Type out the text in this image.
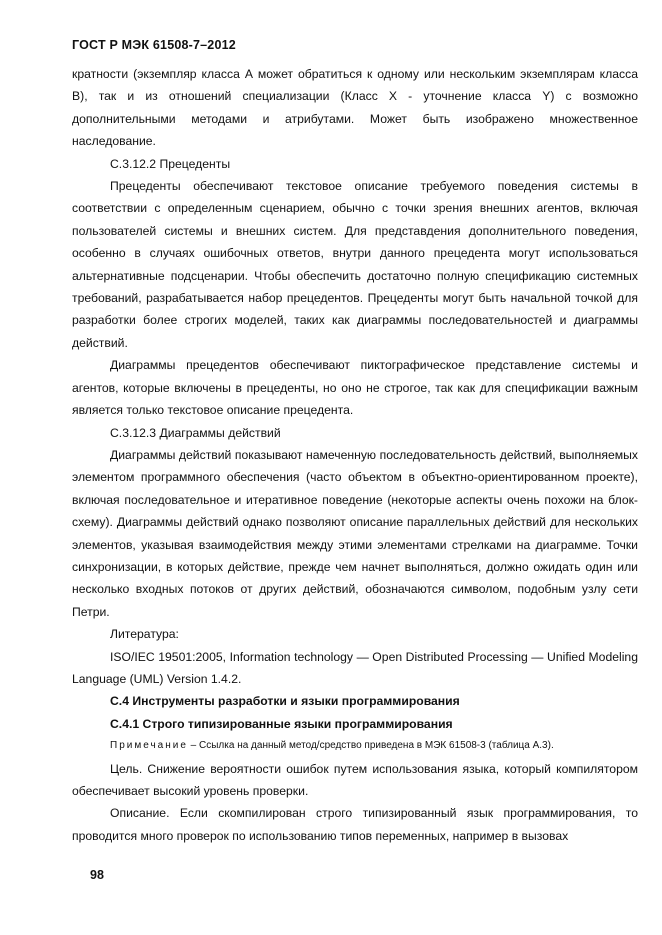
ГОСТ Р МЭК 61508-7–2012

кратности (экземпляр класса А может обратиться к одному или нескольким экземплярам класса В), так и из отношений специализации (Класс Х - уточнение класса Y) с возможно дополнительными методами и атрибутами. Может быть изображено множественное наследование.

С.3.12.2 Прецеденты

Прецеденты обеспечивают текстовое описание требуемого поведения системы в соответствии с определенным сценарием, обычно с точки зрения внешних агентов, включая пользователей системы и внешних систем. Для представдения дополнительного поведения, особенно в случаях ошибочных ответов, внутри данного прецедента могут использоваться альтернативные подсценарии. Чтобы обеспечить достаточно полную спецификацию системных требований, разрабатывается набор прецедентов. Прецеденты могут быть начальной точкой для разработки более строгих моделей, таких как диаграммы последовательностей и диаграммы действий.

Диаграммы прецедентов обеспечивают пиктографическое представление системы и агентов, которые включены в прецеденты, но оно не строгое, так как для спецификации важным является только текстовое описание прецедента.

С.3.12.3 Диаграммы действий

Диаграммы действий показывают намеченную последовательность действий, выполняемых элементом программного обеспечения (часто объектом в объектно-ориентированном проекте), включая последовательное и итеративное поведение (некоторые аспекты очень похожи на блок-схему). Диаграммы действий однако позволяют описание параллельных действий для нескольких элементов, указывая взаимодействия между этими элементами стрелками на диаграмме. Точки синхронизации, в которых действие, прежде чем начнет выполняться, должно ожидать один или несколько входных потоков от других действий, обозначаются символом, подобным узлу сети Петри.

Литература:

ISO/IEC 19501:2005, Information technology — Open Distributed Processing — Unified Modeling Language (UML) Version 1.4.2.

С.4 Инструменты разработки и языки программирования

С.4.1 Строго типизированные языки программирования

Примечание – Ссылка на данный метод/средство приведена в МЭК 61508-3 (таблица А.3).

Цель. Снижение вероятности ошибок путем использования языка, который компилятором обеспечивает высокий уровень проверки.

Описание. Если скомпилирован строго типизированный язык программирования, то проводится много проверок по использованию типов переменных, например в вызовах

98
